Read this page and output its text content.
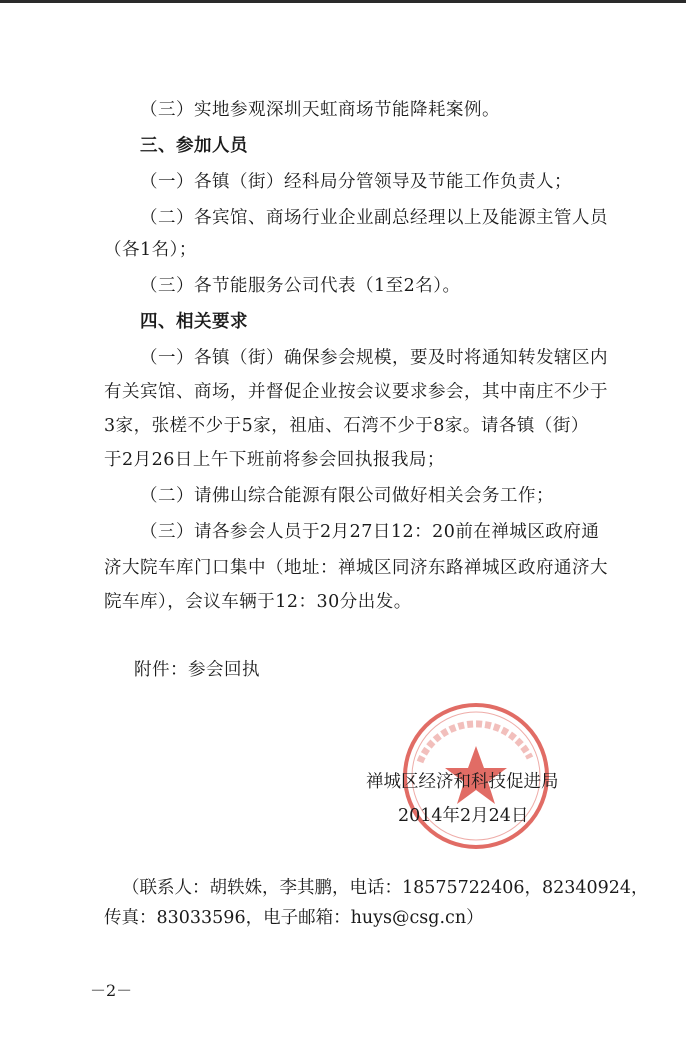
（三）实地参观深圳天虹商场节能降耗案例。
三、参加人员
（一）各镇（街）经科局分管领导及节能工作负责人；
（二）各宾馆、商场行业企业副总经理以上及能源主管人员
（各1名）；
（三）各节能服务公司代表（1至2名）。
四、相关要求
（一）各镇（街）确保参会规模，要及时将通知转发辖区内
有关宾馆、商场，并督促企业按会议要求参会，其中南庄不少于
3家，张槎不少于5家，祖庙、石湾不少于8家。请各镇（街）
于2月26日上午下班前将参会回执报我局；
（二）请佛山综合能源有限公司做好相关会务工作；
（三）请各参会人员于2月27日12：20前在禅城区政府通
济大院车库门口集中（地址：禅城区同济东路禅城区政府通济大
院车库），会议车辆于12：30分出发。
附件：参会回执
禅城区经济和科技促进局
2014年2月24日
（联系人：胡轶姝，李其鹏，电话：18575722406，82340924，
传真：83033596，电子邮箱：huys@csg.cn）
－2－
